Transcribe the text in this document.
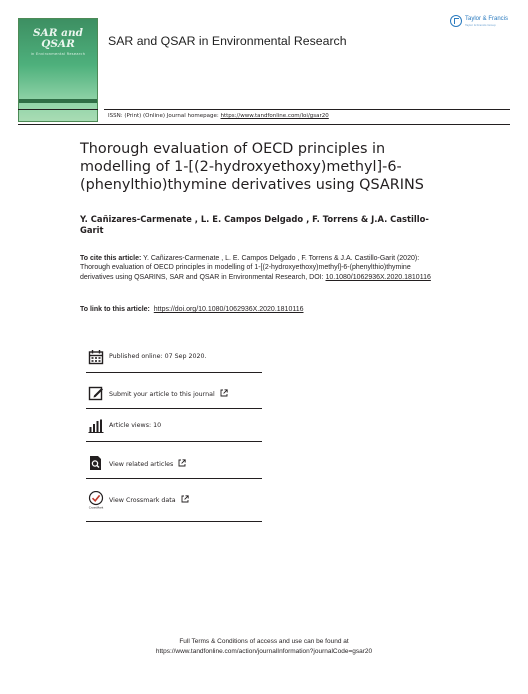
SAR and QSAR
in Environmental Research
SAR and QSAR in Environmental Research
Taylor & Francis
Taylor & Francis Group
ISSN: (Print) (Online) Journal homepage: https://www.tandfonline.com/loi/gsar20
Thorough evaluation of OECD principles in modelling of 1-[(2-hydroxyethoxy)methyl]-6-(phenylthio)thymine derivatives using QSARINS
Y. Cañizares-Carmenate , L. E. Campos Delgado , F. Torrens & J.A. Castillo-Garit
To cite this article: Y. Cañizares-Carmenate , L. E. Campos Delgado , F. Torrens & J.A. Castillo-Garit (2020): Thorough evaluation of OECD principles in modelling of 1-[(2-hydroxyethoxy)methyl]-6-(phenylthio)thymine derivatives using QSARINS, SAR and QSAR in Environmental Research, DOI: 10.1080/1062936X.2020.1810116
To link to this article: https://doi.org/10.1080/1062936X.2020.1810116
Published online: 07 Sep 2020.
Submit your article to this journal
Article views: 10
View related articles
CrossMark
View Crossmark data
Full Terms & Conditions of access and use can be found at
https://www.tandfonline.com/action/journalInformation?journalCode=gsar20
